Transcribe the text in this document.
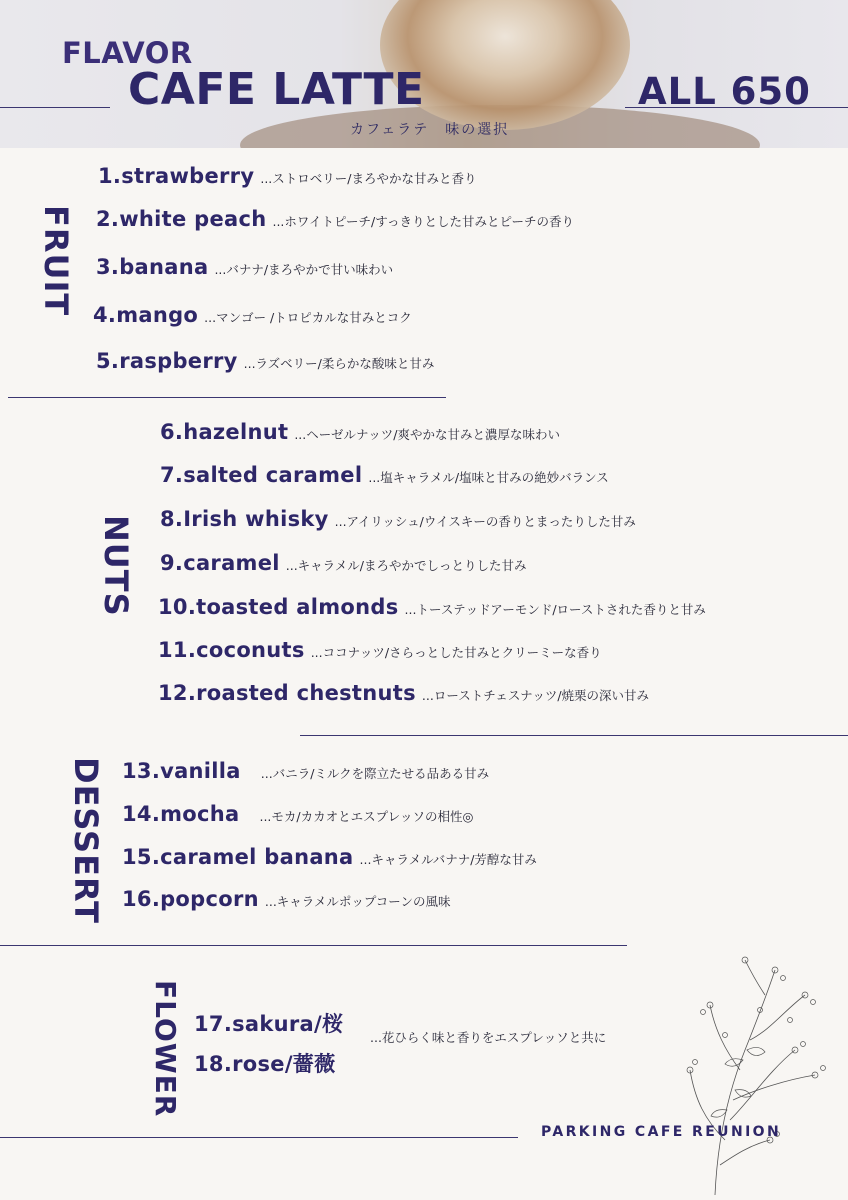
FLAVOR
CAFE LATTE
カフェラテ　味の選択
ALL 650
FRUIT
NUTS
DESSERT
FLOWER
1.strawberry ...ストロベリー/まろやかな甘みと香り
2.white peach ...ホワイトピーチ/すっきりとした甘みとピーチの香り
3.banana ...バナナ/まろやかで甘い味わい
4.mango ...マンゴー /トロピカルな甘みとコク
5.raspberry ...ラズベリー/柔らかな酸味と甘み
6.hazelnut ...ヘーゼルナッツ/爽やかな甘みと濃厚な味わい
7.salted caramel ...塩キャラメル/塩味と甘みの絶妙バランス
8.Irish whisky ...アイリッシュ/ウイスキーの香りとまったりした甘み
9.caramel ...キャラメル/まろやかでしっとりした甘み
10.toasted almonds ...トーステッドアーモンド/ローストされた香りと甘み
11.coconuts ...ココナッツ/さらっとした甘みとクリーミーな香り
12.roasted chestnuts ...ローストチェスナッツ/焼栗の深い甘み
13.vanilla ...バニラ/ミルクを際立たせる品ある甘み
14.mocha ...モカ/カカオとエスプレッソの相性◎
15.caramel banana ...キャラメルバナナ/芳醇な甘み
16.popcorn ...キャラメルポップコーンの風味
17.sakura/桜
18.rose/薔薇
...花ひらく味と香りをエスプレッソと共に
PARKING CAFE REUNION
